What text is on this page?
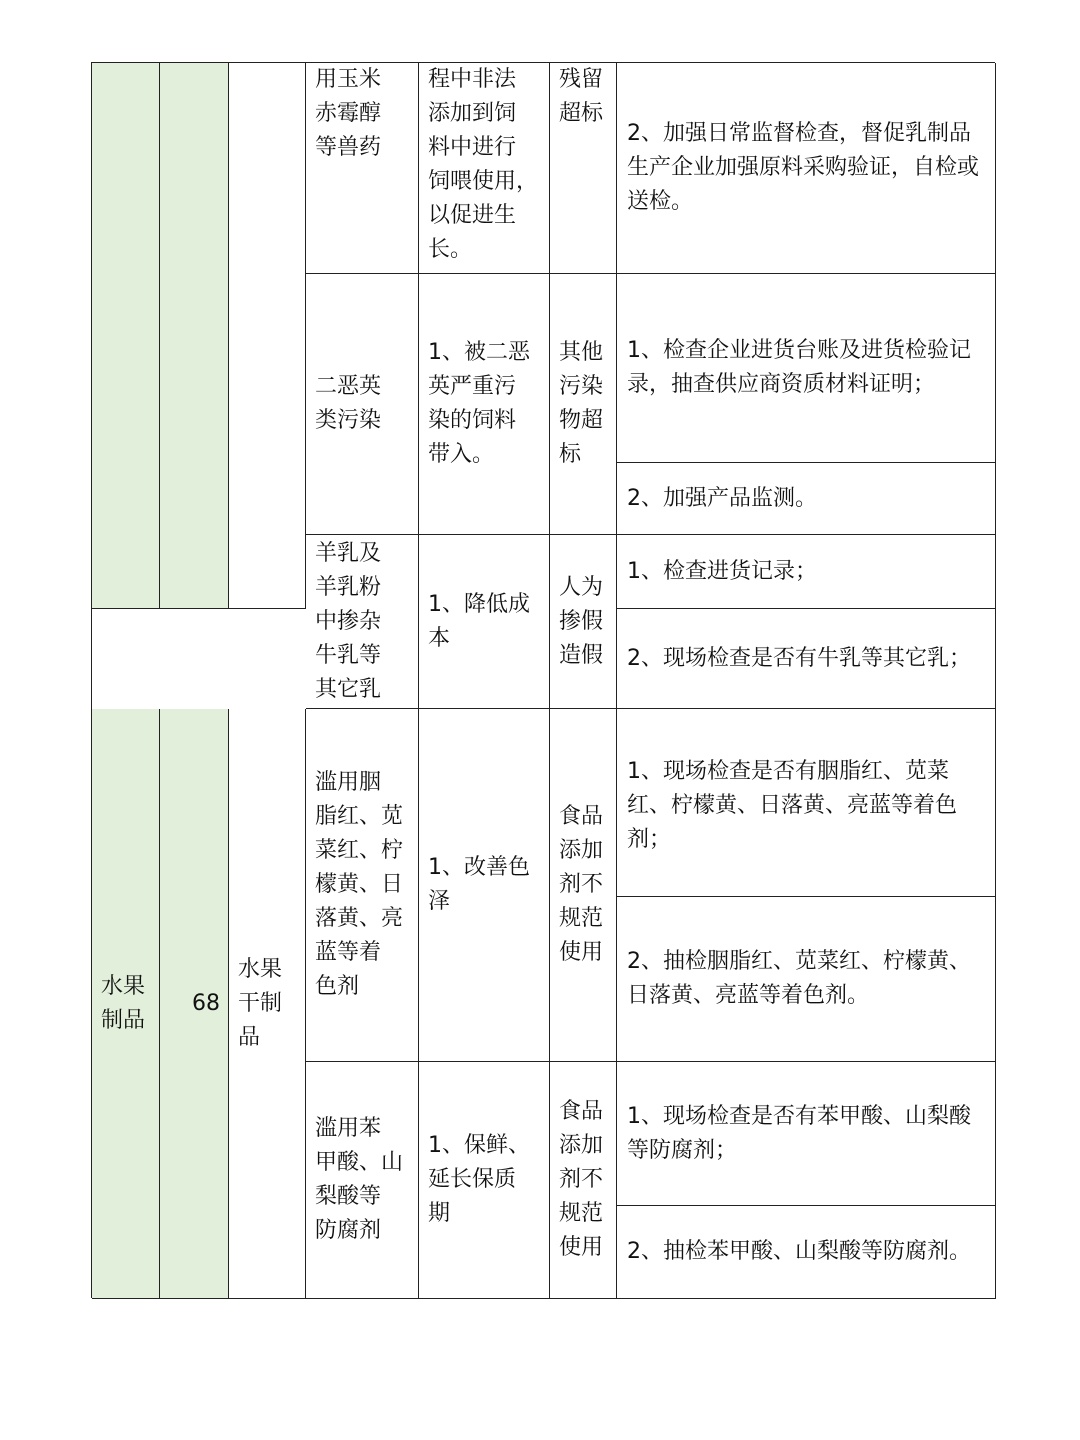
用玉米
赤霉醇
等兽药
程中非法
添加到饲
料中进行
饲喂使用，
以促进生
长。
残留
超标
2、加强日常监督检查，督促乳制品生产企业加强原料采购验证，自检或送检。
二恶英
类污染
1、被二恶
英严重污
染的饲料
带入。
其他
污染
物超
标
1、检查企业进货台账及进货检验记录，抽查供应商资质材料证明；
2、加强产品监测。
羊乳及
羊乳粉
中掺杂
牛乳等
其它乳
1、降低成
本
人为
掺假
造假
1、检查进货记录；
2、现场检查是否有牛乳等其它乳；
水果
制品
68
水果
干制
品
滥用胭
脂红、苋
菜红、柠
檬黄、日
落黄、亮
蓝等着
色剂
1、改善色
泽
食品
添加
剂不
规范
使用
1、现场检查是否有胭脂红、苋菜红、柠檬黄、日落黄、亮蓝等着色剂；
2、抽检胭脂红、苋菜红、柠檬黄、日落黄、亮蓝等着色剂。
滥用苯
甲酸、山
梨酸等
防腐剂
1、保鲜、
延长保质
期
食品
添加
剂不
规范
使用
1、现场检查是否有苯甲酸、山梨酸等防腐剂；
2、抽检苯甲酸、山梨酸等防腐剂。
